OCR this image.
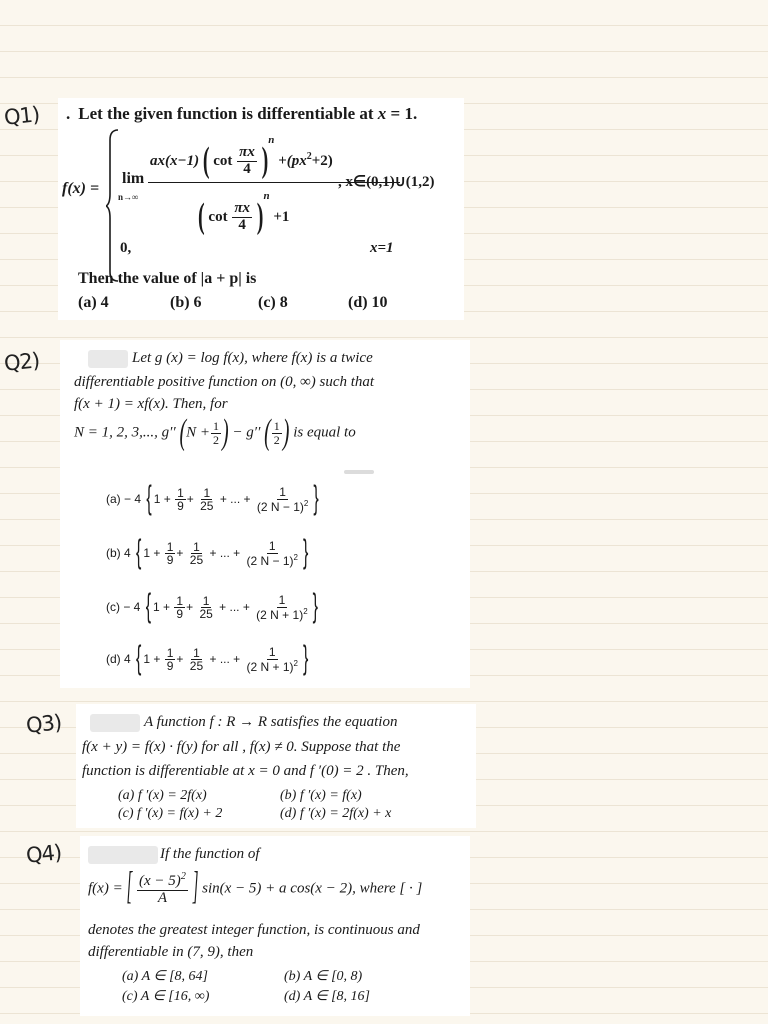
Q1) . Let the given function is differentiable at x = 1.
f(x) =
lim
n→∞
ax(x−1) ( $\cot \frac{\pi x}{4} )^n +(px^2+2)$
, x∈(0,1)∪(1,2)
( $\cot \frac{\pi x}{4} )^n +1$
0,	x=1
Then the value of |a + p| is
(a) 4	(b) 6	(c) 8	(d) 10
Q2)	Let g (x) = log f(x), where f(x) is a twice
differentiable positive function on (0, ∞) such that
f(x + 1) = xf(x). Then, for
N = 1, 2, 3,..., g′′ ($N + \frac{1}{2}$ ) − g′′ ( $\frac{1}{2}$ ) is equal to
(a) − 4 { $1 + \frac{1}{9} + \frac{1}{25}$ + ... + $\frac{1}{(2 N - 1)^2}$ }
(b) 4 { $1 + \frac{1}{9} + \frac{1}{25}$ + ... + $\frac{1}{(2 N - 1)^2}$ }
(c) − 4 { $1 + \frac{1}{9} + \frac{1}{25}$ + ... + $\frac{1}{(2 N + 1)^2}$ }
(d) 4 { $1 + \frac{1}{9} + \frac{1}{25}$ + ... + $\frac{1}{(2 N + 1)^2}$ }
Q3)	A function f : R → R satisfies the equation
f(x + y) = f(x) · f(y) for all , f(x) ≠ 0. Suppose that the
function is differentiable at x = 0 and f ′(0) = 2 . Then,
(a) f ′(x) = 2f(x)	(b) f ′(x) = f(x)
(c) f ′(x) = f(x) + 2	(d) f ′(x) = 2f(x) + x
Q4)	If the function of
f(x) = [ $\frac{(x - 5)^2}{A}$ ] sin(x − 5) + a cos(x − 2), where [ · ]
denotes the greatest integer function, is continuous and
differentiable in (7, 9), then
(a) A ∈ [8, 64]	(b) A ∈ [0, 8)
(c) A ∈ [16, ∞)	(d) A ∈ [8, 16]
